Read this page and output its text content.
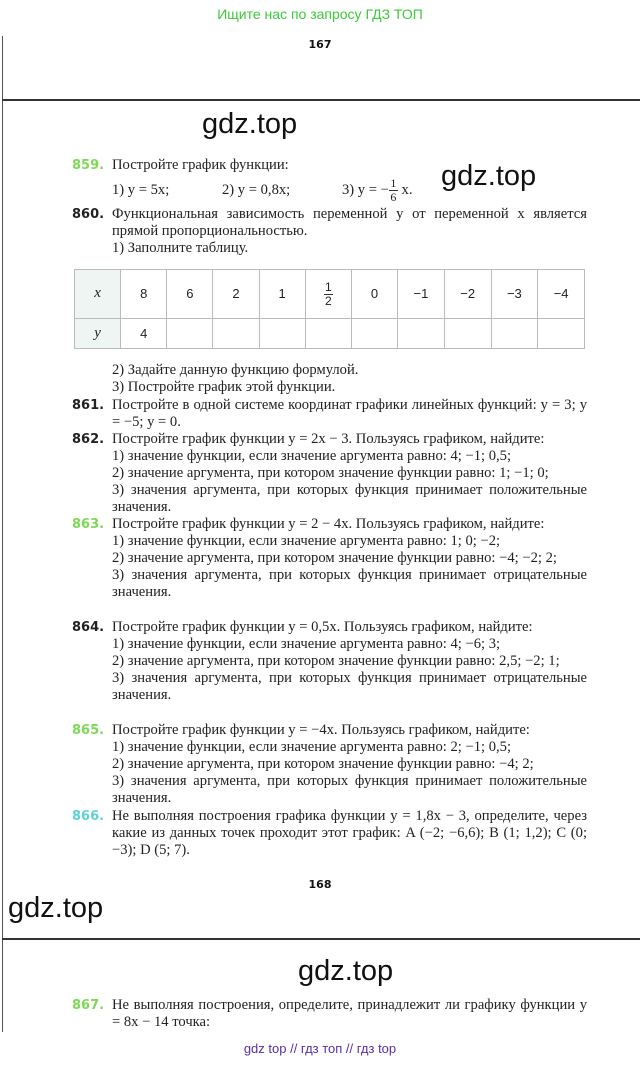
Ищите нас по запросу ГДЗ ТОП
167
gdz.top
gdz.top
859. Постройте график функции:

1) y = 5x;	2) y = 0,8x;	3) y = − $\frac{1}{6} x$.

860. Функциональная зависимость переменной y от переменной x является прямой пропорциональностью.

1) Заполните таблицу.

x	8	6	2	1	$\frac{1}{2}$	0	−1	−2	−3	−4
y	4									

2) Задайте данную функцию формулой.

3) Постройте график этой функции.

861. Постройте в одной системе координат графики линейных функций: y = 3; y = −5; y = 0.

862. Постройте график функции y = 2x − 3. Пользуясь графиком, найдите:

1) значение функции, если значение аргумента равно: 4; −1; 0,5;

2) значение аргумента, при котором значение функции равно: 1; −1; 0;

3) значения аргумента, при которых функция принимает положительные значения.

863. Постройте график функции y = 2 − 4x. Пользуясь графиком, найдите:

1) значение функции, если значение аргумента равно: 1; 0; −2;

2) значение аргумента, при котором значение функции равно: −4; −2; 2;

3) значения аргумента, при которых функция принимает отрицательные значения.

864. Постройте график функции y = 0,5x. Пользуясь графиком, найдите:

1) значение функции, если значение аргумента равно: 4; −6; 3;

2) значение аргумента, при котором значение функции равно: 2,5; −2; 1;

3) значения аргумента, при которых функция принимает отрицательные значения.

865. Постройте график функции y = −4x. Пользуясь графиком, найдите:

1) значение функции, если значение аргумента равно: 2; −1; 0,5;

2) значение аргумента, при котором значение функции равно: −4; 2;

3) значения аргумента, при которых функция принимает положительные значения.

866. Не выполняя построения графика функции y = 1,8x − 3, определите, через какие из данных точек проходит этот график: A (−2; −6,6); B (1; 1,2); C (0; −3); D (5; 7).

168
gdz.top
gdz.top
867. Не выполняя построения, определите, принадлежит ли графику функции y = 8x − 14 точка:

gdz top // гдз топ // гдз top
